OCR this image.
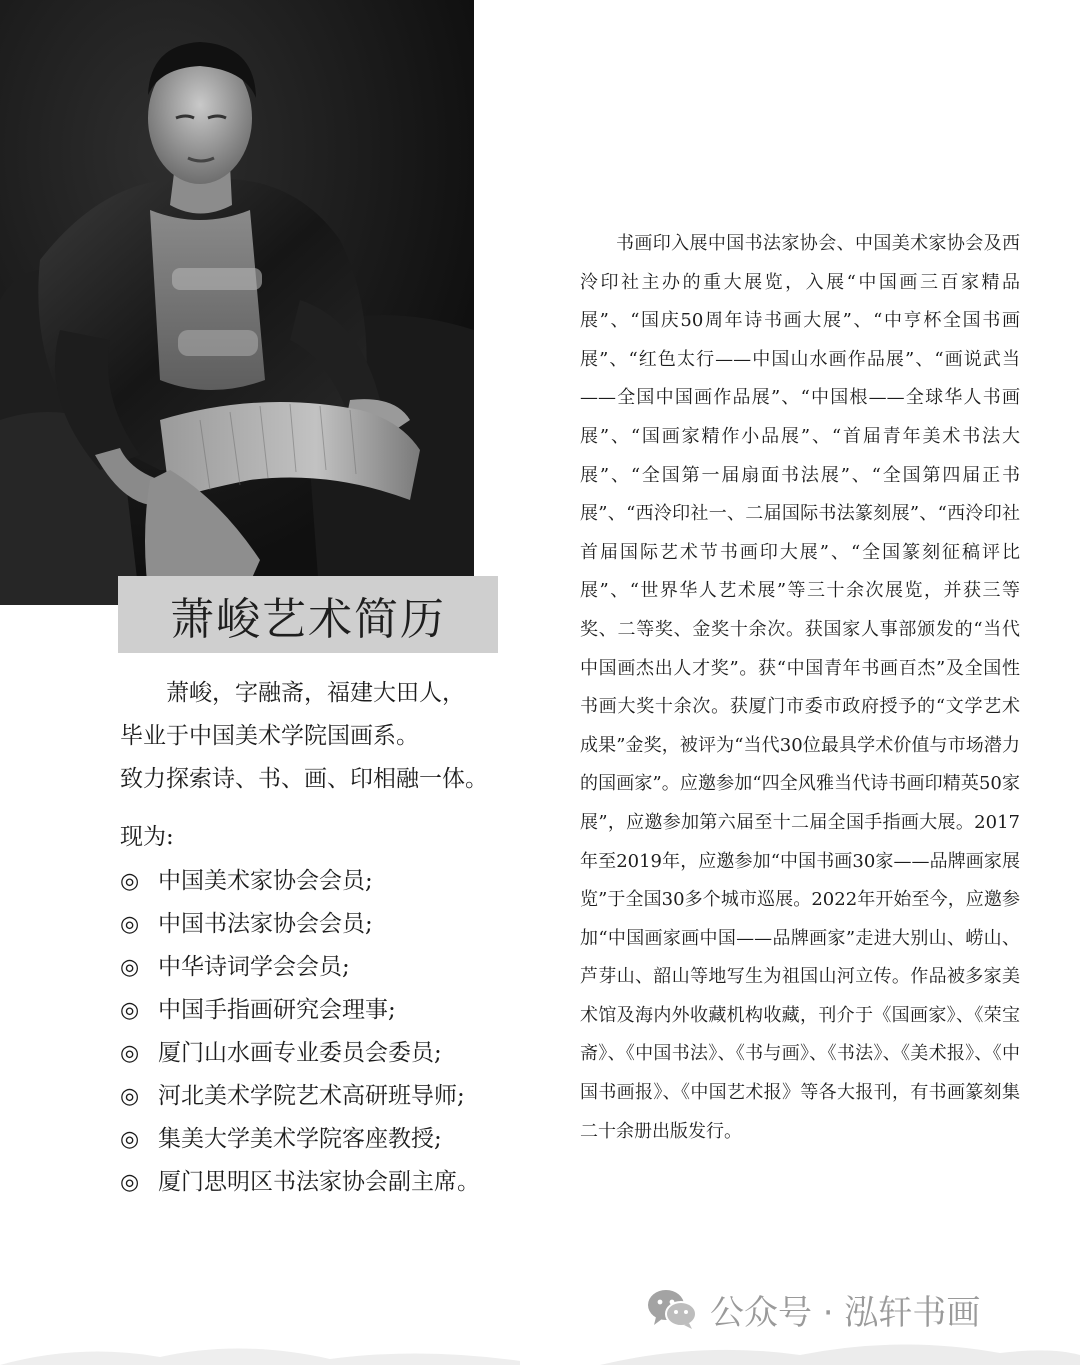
萧峻艺术简历
萧峻，字融斋，福建大田人，
毕业于中国美术学院国画系。
致力探索诗、书、画、印相融一体。
现为:
◎ 中国美术家协会会员;
◎ 中国书法家协会会员;
◎ 中华诗词学会会员;
◎ 中国手指画研究会理事;
◎ 厦门山水画专业委员会委员;
◎ 河北美术学院艺术高研班导师;
◎ 集美大学美术学院客座教授;
◎ 厦门思明区书法家协会副主席。

书画印入展中国书法家协会、中国美术家协会及西泠印社主办的重大展览，入展“中国画三百家精品展”、“国庆50周年诗书画大展”、“中亨杯全国书画展”、“红色太行——中国山水画作品展”、“画说武当——全国中国画作品展”、“中国根——全球华人书画展”、“国画家精作小品展”、“首届青年美术书法大展”、“全国第一届扇面书法展”、“全国第四届正书展”、“西泠印社一、二届国际书法篆刻展”、“西泠印社首届国际艺术节书画印大展”、“全国篆刻征稿评比展”、“世界华人艺术展”等三十余次展览，并获三等奖、二等奖、金奖十余次。获国家人事部颁发的“当代中国画杰出人才奖”。获“中国青年书画百杰”及全国性书画大奖十余次。获厦门市委市政府授予的“文学艺术成果”金奖，被评为“当代30位最具学术价值与市场潜力的国画家”。应邀参加“四全风雅当代诗书画印精英50家展”，应邀参加第六届至十二届全国手指画大展。2017年至2019年，应邀参加“中国书画30家——品牌画家展览”于全国30多个城市巡展。2022年开始至今，应邀参加“中国画家画中国——品牌画家”走进大别山、崂山、芦芽山、韶山等地写生为祖国山河立传。作品被多家美术馆及海内外收藏机构收藏，刊介于《国画家》、《荣宝斋》、《中国书法》、《书与画》、《书法》、《美术报》、《中国书画报》、《中国艺术报》等各大报刊，有书画篆刻集二十余册出版发行。

公众号 · 泓轩书画
